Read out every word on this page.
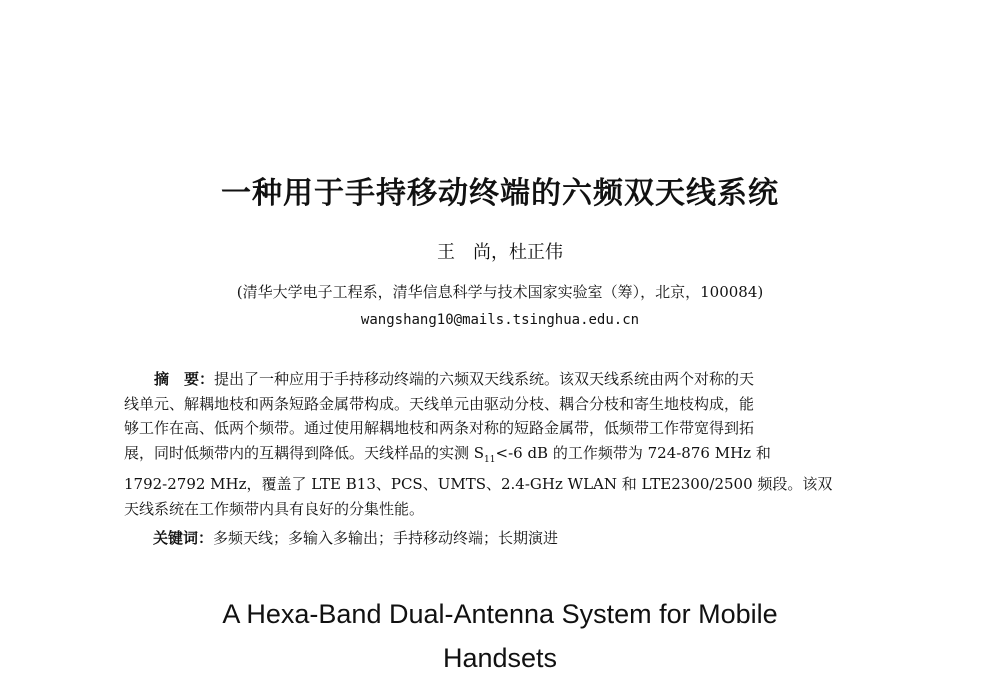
一种用于手持移动终端的六频双天线系统
王　尚，杜正伟
(清华大学电子工程系，清华信息科学与技术国家实验室（筹），北京，100084)
wangshang10@mails.tsinghua.edu.cn
摘　要：提出了一种应用于手持移动终端的六频双天线系统。该双天线系统由两个对称的天
线单元、解耦地枝和两条短路金属带构成。天线单元由驱动分枝、耦合分枝和寄生地枝构成，能
够工作在高、低两个频带。通过使用解耦地枝和两条对称的短路金属带，低频带工作带宽得到拓
展，同时低频带内的互耦得到降低。天线样品的实测 $S_{11}<-6$ dB 的工作频带为 724-876 MHz 和
1792-2792 MHz，覆盖了 LTE B13、PCS、UMTS、2.4-GHz WLAN 和 LTE2300/2500 频段。该双
天线系统在工作频带内具有良好的分集性能。
关键词：多频天线；多输入多输出；手持移动终端；长期演进
A Hexa-Band Dual-Antenna System for Mobile
Handsets
